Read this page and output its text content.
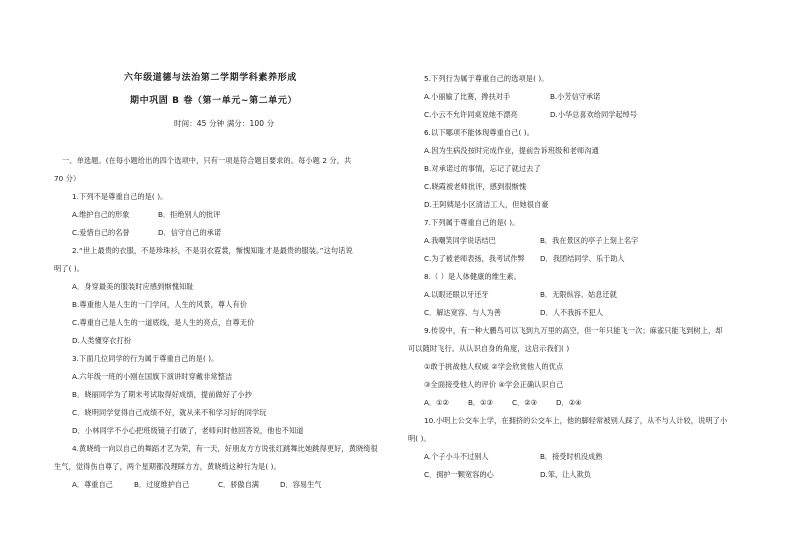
六年级道德与法治第二学期学科素养形成
期中巩固 B 卷（第一单元~第二单元）
时间：45 分钟 满分：100 分
一、单选题。(在每小题给出的四个选项中，只有一项是符合题目要求的。每小题 2 分，共
70 分）
1.下列不是尊重自己的是( )。
A.维护自己的形象	B．拒绝别人的批评
C.爱惜自己的名誉	D．信守自己的承诺
2.“世上最贵的衣服，不是珍珠衫，不是羽衣霓裳，惭愧知耻才是最贵的服装。”这句话说
明了( )。
A．身穿最美的服装时应感到惭愧知耻
B.尊重他人是人生的一门学问，人生的风景，尊人有价
C.尊重自己是人生的一道底线，是人生的亮点，自尊无价
D.人类懂穿衣打扮
3.下面几位同学的行为属于尊重自己的是( )。
A.六年级一班的小刚在国旗下演讲时穿戴非常整洁
B．晓丽同学为了期末考试取得好成绩，提前做好了小抄
C．晓明同学觉得自己成绩不好，就从来不和学习好的同学玩
D．小林同学不小心把班级镜子打破了，老师问时他回答说，他也不知道
4.黄晓绮一向以自己的舞蹈才艺为荣，有一天，好朋友方方说张红跳舞比她跳得更好，黄晓绮很
生气，觉得伤自尊了，两个星期都没理睬方方，黄晓绮这种行为是( )。
A．尊重自己	B．过度维护自己	C．骄傲自满	D．容易生气
5.下列行为属于尊重自己的选项是( )。
A.小丽输了比赛，搀扶对手	B.小芳信守承诺
C.小云不允许同桌说她不漂亮	D.小华总喜欢给同学起绰号
6.以下哪项不能体现尊重自己( )。
A.因为生病没按时完成作业，提前告诉班级和老师沟通
B.对承诺过的事情，忘记了就过去了
C.晓霞被老师批评，感到很惭愧
D.王阿姨是小区清洁工人，但她很自豪
7.下列属于尊重自己的是( )。
A.我嘲笑同学说话结巴	B．我在景区的亭子上刻上名字
C.为了被老师表扬，我考试作弊 D．我团结同学、乐于助人
8.（ ）是人体健康的维生素。
A.以眼还眼以牙还牙	B．无限纵容、姑息迁就
C．解达宽容、与人为善	D．人不我拆不犯人
9.传说中，有一种大鹏鸟可以飞到九万里的高空，但一年只能飞一次；麻雀只能飞到树上，却
可以随时飞行。从认识自身的角度，这启示我们( )
①敢于挑战他人权威 ②学会欣赏他人的优点
③全面接受他人的评价 ④学会正确认识自己
A．①②	B．①③	C．②③	D．②④
10.小明上公交车上学，在拥挤的公交车上，他的脚轻常被别人踩了，从不与人计较，说明了小
明( )。
A.个子小斗不过别人	B．接受时机没成熟
C．拥护一颗宽容的心	D.笨，让人欺负
